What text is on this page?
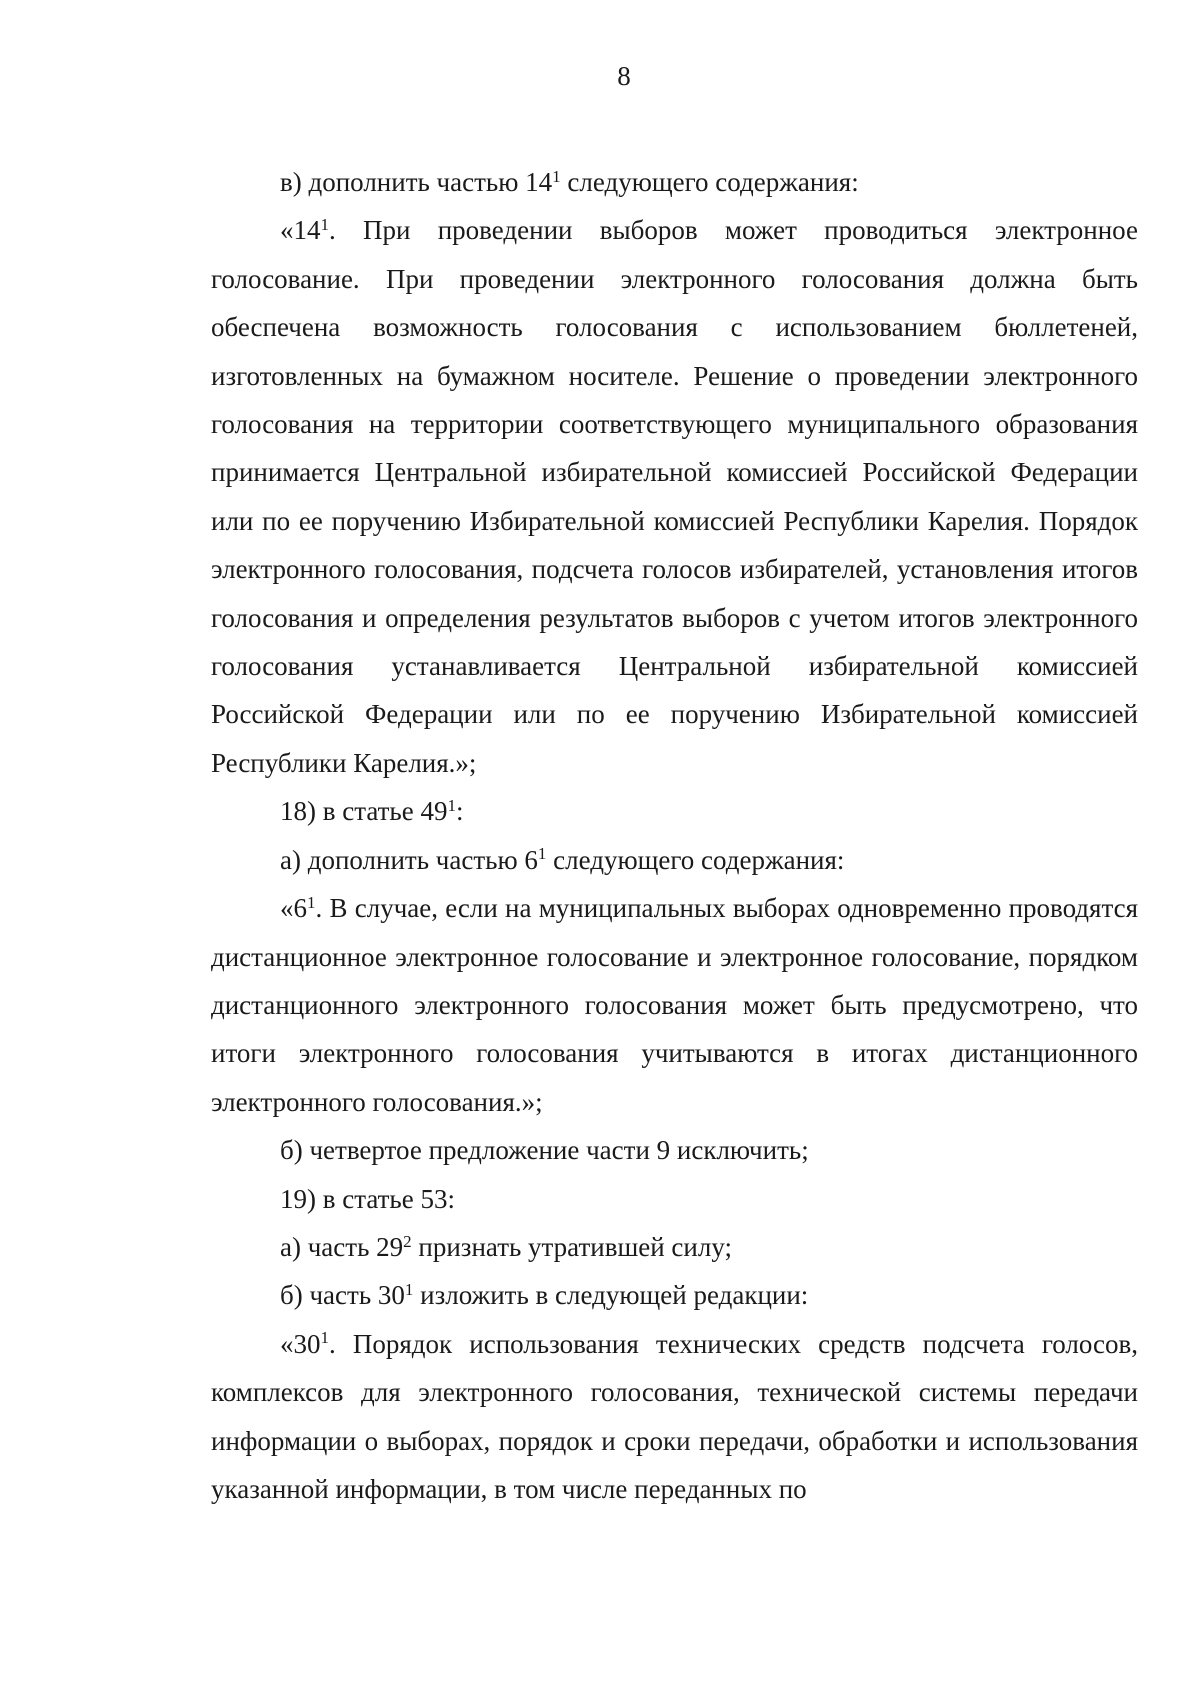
8

в) дополнить частью $14^1$ следующего содержания:

«$14^1$. При проведении выборов может проводиться электронное голосование. При проведении электронного голосования должна быть обеспечена возможность голосования с использованием бюллетеней, изготовленных на бумажном носителе. Решение о проведении электронного голосования на территории соответствующего муниципального образования принимается Центральной избирательной комиссией Российской Федерации или по ее поручению Избирательной комиссией Республики Карелия. Порядок электронного голосования, подсчета голосов избирателей, установления итогов голосования и определения результатов выборов с учетом итогов электронного голосования устанавливается Центральной избирательной комиссией Российской Федерации или по ее поручению Избирательной комиссией Республики Карелия.»;

18) в статье $49^1$:

а) дополнить частью $6^1$ следующего содержания:

«$6^1$. В случае, если на муниципальных выборах одновременно проводятся дистанционное электронное голосование и электронное голосование, порядком дистанционного электронного голосования может быть предусмотрено, что итоги электронного голосования учитываются в итогах дистанционного электронного голосования.»;

б) четвертое предложение части 9 исключить;

19) в статье 53:

а) часть $29^2$ признать утратившей силу;

б) часть $30^1$ изложить в следующей редакции:

«$30^1$. Порядок использования технических средств подсчета голосов, комплексов для электронного голосования, технической системы передачи информации о выборах, порядок и сроки передачи, обработки и использования указанной информации, в том числе переданных по
